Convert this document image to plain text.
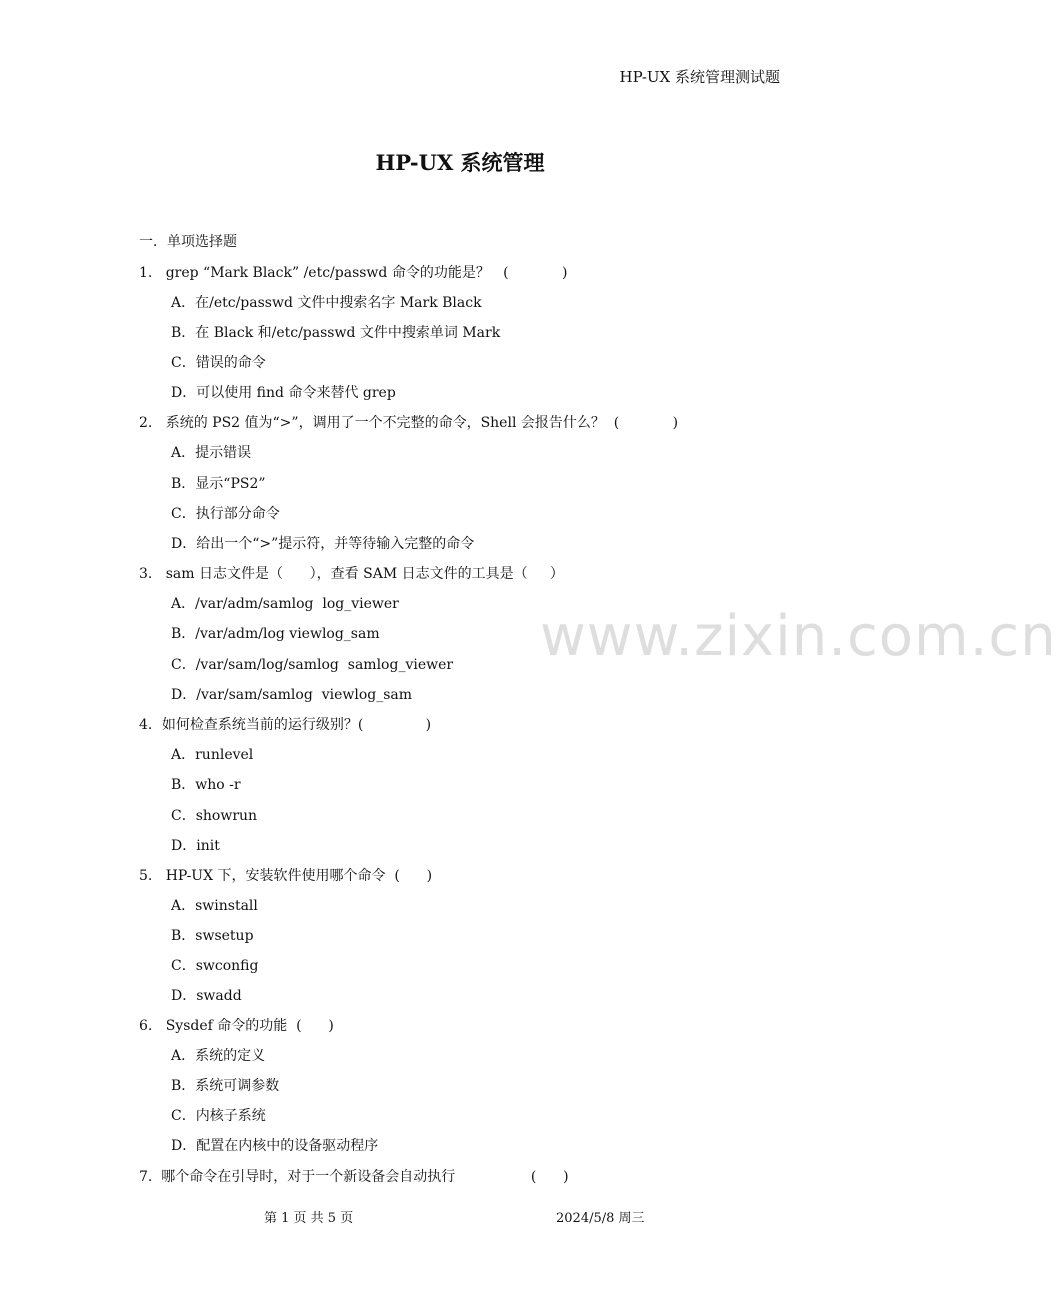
HP-UX 系统管理测试题
HP-UX 系统管理
www.zixin.com.cn
一．单项选择题
1.   grep “Mark Black” /etc/passwd 命令的功能是？   (            )
A．在/etc/passwd 文件中搜索名字 Mark Black
B．在 Black 和/etc/passwd 文件中搜索单词 Mark
C．错误的命令
D．可以使用 find 命令来替代 grep
2.   系统的 PS2 值为“>”，调用了一个不完整的命令，Shell 会报告什么？  (            )
A．提示错误
B．显示“PS2”
C．执行部分命令
D．给出一个“>”提示符，并等待输入完整的命令
3.   sam 日志文件是（      ），查看 SAM 日志文件的工具是（     ）
A．/var/adm/samlog  log_viewer
B．/var/adm/log viewlog_sam
C．/var/sam/log/samlog  samlog_viewer
D．/var/sam/samlog  viewlog_sam
4．如何检查系统当前的运行级别？(              )
A．runlevel
B．who -r
C．showrun
D．init
5.   HP-UX 下，安装软件使用哪个命令  (      )
A．swinstall
B．swsetup
C．swconfig
D．swadd
6.   Sysdef 命令的功能  (      )
A．系统的定义
B．系统可调参数
C．内核子系统
D．配置在内核中的设备驱动程序
7.  哪个命令在引导时，对于一个新设备会自动执行                 (      )
第 1 页 共 5 页	2024/5/8 周三
